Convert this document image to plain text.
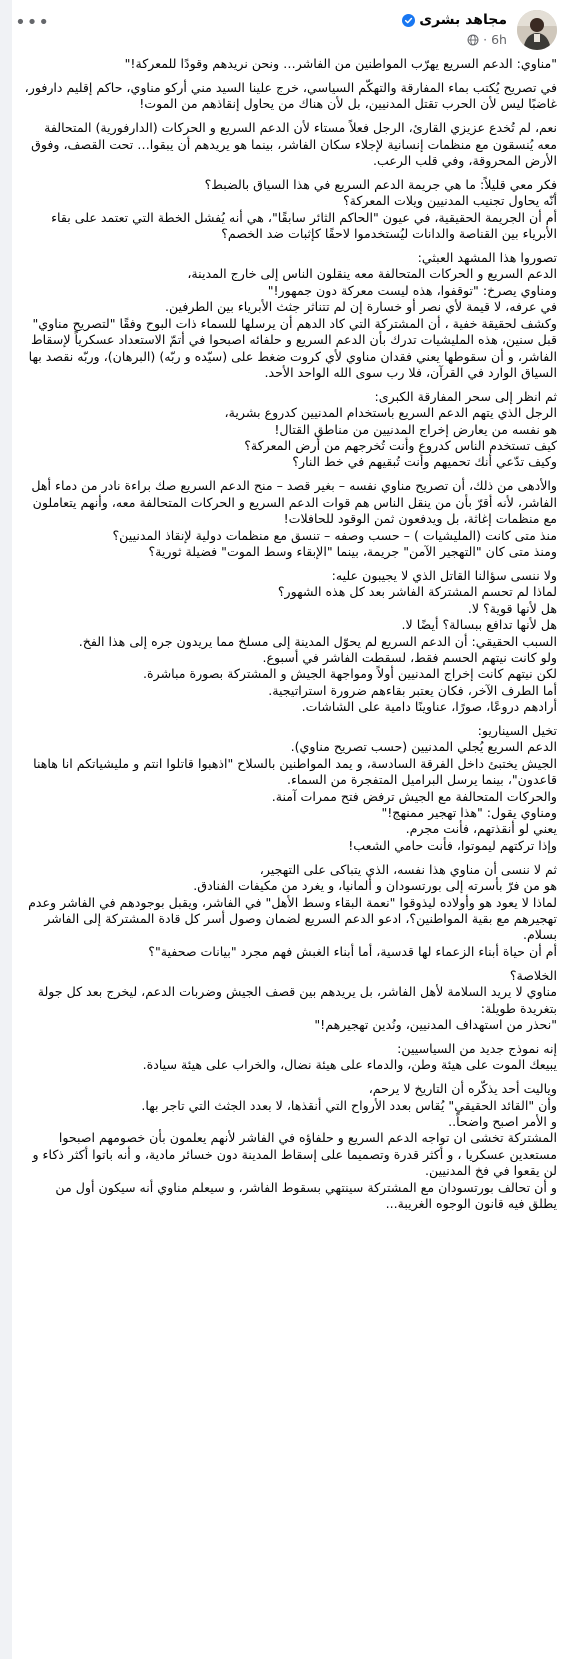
مجاهد بشرى
6h
·
•••

"مناوي: الدعم السريع يهرّب المواطنين من الفاشر… ونحن نريدهم وقودًا للمعركة!"

في تصريح يُكتب بماء المفارقة والتهكّم السياسي، خرج علينا السيد مني أركو مناوي، حاكم إقليم دارفور، غاضبًا ليس لأن الحرب تقتل المدنيين، بل لأن هناك من يحاول إنقاذهم من الموت!

نعم، لم تُخدع عزيزي القارئ، الرجل فعلاً مستاء لأن الدعم السريع و الحركات (الدارفورية) المتحالفة معه يُنسقون مع منظمات إنسانية لإجلاء سكان الفاشر، بينما هو يريدهم أن يبقوا… تحت القصف، وفوق الأرض المحروقة، وفي قلب الرعب.

فكر معي قليلاً: ما هي جريمة الدعم السريع في هذا السياق بالضبط؟
أنّه يحاول تجنيب المدنيين ويلات المعركة؟
أم أن الجريمة الحقيقية، في عيون "الحاكم الثائر سابقًا"، هي أنه يُفشل الخطة التي تعتمد على بقاء الأبرياء بين القناصة والدانات ليُستخدموا لاحقًا كإثبات ضد الخصم؟

تصوروا هذا المشهد العبثي:
الدعم السريع و الحركات المتحالفة معه ينقلون الناس إلى خارج المدينة،
ومناوي يصرخ: "توقفوا، هذه ليست معركة دون جمهور!"
في عرفه، لا قيمة لأي نصر أو خسارة إن لم تتناثر جثث الأبرياء بين الطرفين.
وكشف لحقيقة خفية ، أن المشتركة التي كاد الدهم أن يرسلها للسماء ذات البوح وفقًا "لتصريح مناوي" قبل سنين، هذه المليشيات تدرك بأن الدعم السريع و حلفائه اصبحوا في أتمّ الاستعداد عسكرياً لإسقاط الفاشر، و أن سقوطها يعني فقدان مناوي لأي كروت ضغط على (سيّده و ربّه) (البرهان)، وربّه نقصد بها السياق الوارد في القرآن، فلا رب سوى الله الواحد الأحد.

ثم انظر إلى سحر المفارقة الكبرى:
الرجل الذي يتهم الدعم السريع باستخدام المدنيين كدروع بشرية،
هو نفسه من يعارض إخراج المدنيين من مناطق القتال!
كيف تستخدم الناس كدروع وأنت تُخرجهم من أرض المعركة؟
وكيف تدّعي أنك تحميهم وأنت تُبقيهم في خط النار؟

والأدهى من ذلك، أن تصريح مناوي نفسه – بغير قصد – منح الدعم السريع صك براءة نادر من دماء أهل الفاشر، لأنه أقرّ بأن من ينقل الناس هم قوات الدعم السريع و الحركات المتحالفة معه، وأنهم يتعاملون مع منظمات إغاثة، بل ويدفعون ثمن الوقود للحافلات!
منذ متى كانت (المليشيات ) – حسب وصفه – تنسق مع منظمات دولية لإنقاذ المدنيين؟
ومنذ متى كان "التهجير الآمن" جريمة، بينما "الإبقاء وسط الموت" فضيلة ثورية؟

ولا ننسى سؤالنا القاتل الذي لا يجيبون عليه:
لماذا لم تحسم المشتركة الفاشر بعد كل هذه الشهور؟
هل لأنها قوية؟ لا.
هل لأنها تدافع ببسالة؟ أيضًا لا.
السبب الحقيقي: أن الدعم السريع لم يحوّل المدينة إلى مسلخ مما يريدون جره إلى هذا الفخ.
ولو كانت نيتهم الحسم فقط، لسقطت الفاشر في أسبوع.
لكن نيتهم كانت إخراج المدنيين أولاً ومواجهة الجيش و المشتركة بصورة مباشرة.
أما الطرف الآخر، فكان يعتبر بقاءهم ضرورة استراتيجية.
أرادهم دروعًا، صورًا، عناوينًا دامية على الشاشات.

تخيل السيناريو:
الدعم السريع يُجلي المدنيين (حسب تصريح مناوي).
الجيش يختبئ داخل الفرقة السادسة، و يمد المواطنين بالسلاح "اذهبوا قاتلوا انتم و مليشياتكم انا هاهنا قاعدون"، بينما يرسل البراميل المتفجرة من السماء.
والحركات المتحالفة مع الجيش ترفض فتح ممرات آمنة.
ومناوي يقول: "هذا تهجير ممنهج!"
يعني لو أنقذتهم، فأنت مجرم.
وإذا تركتهم ليموتوا، فأنت حامي الشعب!

ثم لا ننسى أن مناوي هذا نفسه، الذي يتباكى على التهجير،
هو من فرّ بأسرته إلى بورتسودان و ألمانيا، و يغرد من مكيفات الفنادق.
لماذا لا يعود هو وأولاده ليذوقوا "نعمة البقاء وسط الأهل" في الفاشر، ويقبل بوجودهم في الفاشر وعدم تهجيرهم مع بقية المواطنين؟، ادعو الدعم السريع لضمان وصول أسر كل قادة المشتركة إلى الفاشر بسلام.
أم أن حياة أبناء الزعماء لها قدسية، أما أبناء الغبش فهم مجرد "بيانات صحفية"؟

الخلاصة؟
مناوي لا يريد السلامة لأهل الفاشر، بل يريدهم بين قصف الجيش وضربات الدعم، ليخرج بعد كل جولة بتغريدة طويلة:
"نحذر من استهداف المدنيين، ونُدين تهجيرهم!"

إنه نموذج جديد من السياسيين:
يبيعك الموت على هيئة وطن، والدماء على هيئة نضال، والخراب على هيئة سيادة.

وياليت أحد يذكّره أن التاريخ لا يرحم،
وأن "القائد الحقيقي" يُقاس بعدد الأرواح التي أنقذها، لا بعدد الجثث التي تاجر بها.
و الأمر اصبح واضحاً..
المشتركة تخشى ان تواجه الدعم السريع و حلفاؤه في الفاشر لأنهم يعلمون بأن خصومهم اصبحوا مستعدين عسكريا ، و أكثر قدرة وتصميما على إسقاط المدينة دون خسائر مادية، و أنه باتوا أكثر ذكاء و لن يقعوا في فخ المدنيين.
و أن تحالف بورتسودان مع المشتركة سينتهي بسقوط الفاشر، و سيعلم مناوي أنه سيكون أول من يطلق فيه قانون الوجوه الغريبة...
